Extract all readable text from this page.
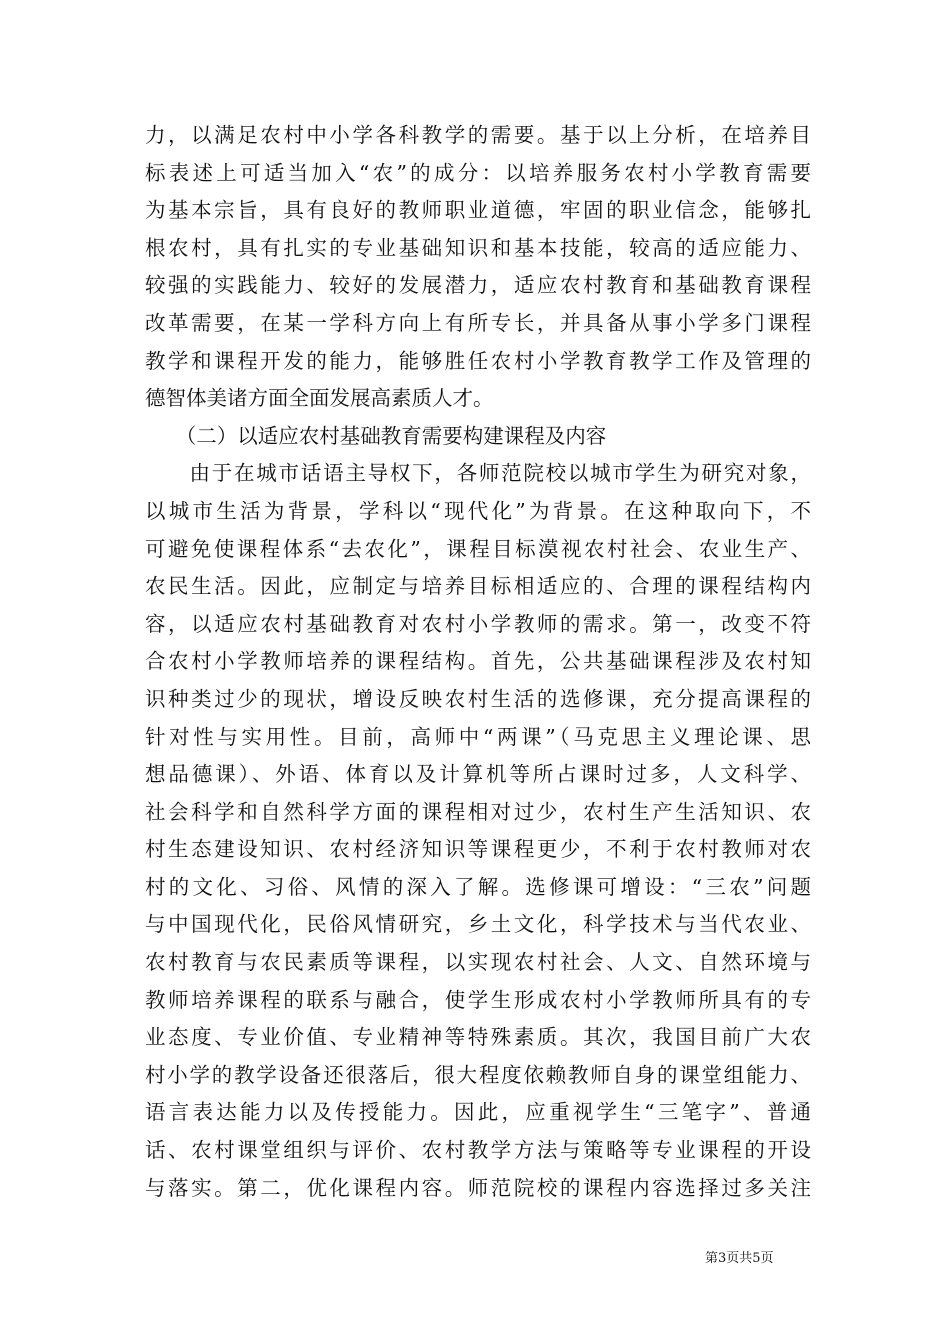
力，以满足农村中小学各科教学的需要。基于以上分析，在培养目
标表述上可适当加入“农”的成分：以培养服务农村小学教育需要
为基本宗旨，具有良好的教师职业道德，牢固的职业信念，能够扎
根农村，具有扎实的专业基础知识和基本技能，较高的适应能力、
较强的实践能力、较好的发展潜力，适应农村教育和基础教育课程
改革需要，在某一学科方向上有所专长，并具备从事小学多门课程
教学和课程开发的能力，能够胜任农村小学教育教学工作及管理的
德智体美诸方面全面发展高素质人才。
　　（二）以适应农村基础教育需要构建课程及内容
　　由于在城市话语主导权下，各师范院校以城市学生为研究对象，
以城市生活为背景，学科以“现代化”为背景。在这种取向下，不
可避免使课程体系“去农化”，课程目标漠视农村社会、农业生产、
农民生活。因此，应制定与培养目标相适应的、合理的课程结构内
容，以适应农村基础教育对农村小学教师的需求。第一，改变不符
合农村小学教师培养的课程结构。首先，公共基础课程涉及农村知
识种类过少的现状，增设反映农村生活的选修课，充分提高课程的
针对性与实用性。目前，高师中“两课”（马克思主义理论课、思
想品德课）、外语、体育以及计算机等所占课时过多，人文科学、
社会科学和自然科学方面的课程相对过少，农村生产生活知识、农
村生态建设知识、农村经济知识等课程更少，不利于农村教师对农
村的文化、习俗、风情的深入了解。选修课可增设：“三农”问题
与中国现代化，民俗风情研究，乡土文化，科学技术与当代农业、
农村教育与农民素质等课程，以实现农村社会、人文、自然环境与
教师培养课程的联系与融合，使学生形成农村小学教师所具有的专
业态度、专业价值、专业精神等特殊素质。其次，我国目前广大农
村小学的教学设备还很落后，很大程度依赖教师自身的课堂组能力、
语言表达能力以及传授能力。因此，应重视学生“三笔字”、普通
话、农村课堂组织与评价、农村教学方法与策略等专业课程的开设
与落实。第二，优化课程内容。师范院校的课程内容选择过多关注
第3页共5页
